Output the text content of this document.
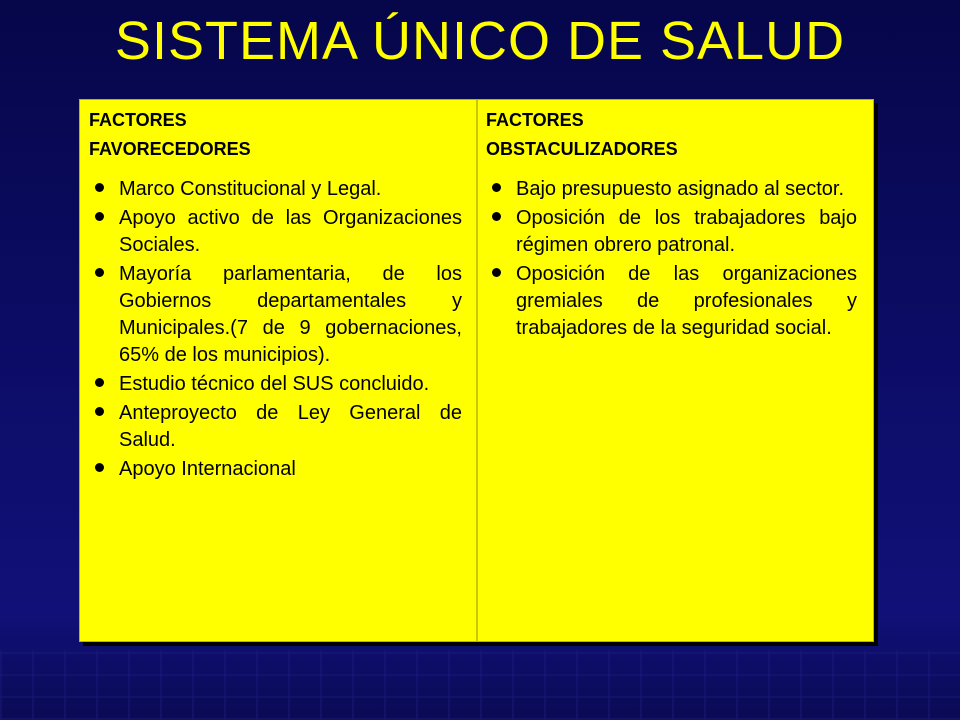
SISTEMA ÚNICO DE SALUD
FACTORES FAVORECEDORES
Marco Constitucional y Legal.
Apoyo activo de las Organizaciones Sociales.
Mayoría parlamentaria, de los Gobiernos departamentales y Municipales.(7 de 9 gobernaciones, 65% de los municipios).
Estudio técnico del SUS concluido.
Anteproyecto de Ley General de Salud.
Apoyo Internacional
FACTORES OBSTACULIZADORES
Bajo presupuesto asignado al sector.
Oposición de los trabajadores bajo régimen obrero patronal.
Oposición de las organizaciones gremiales de profesionales y trabajadores de la seguridad social.
